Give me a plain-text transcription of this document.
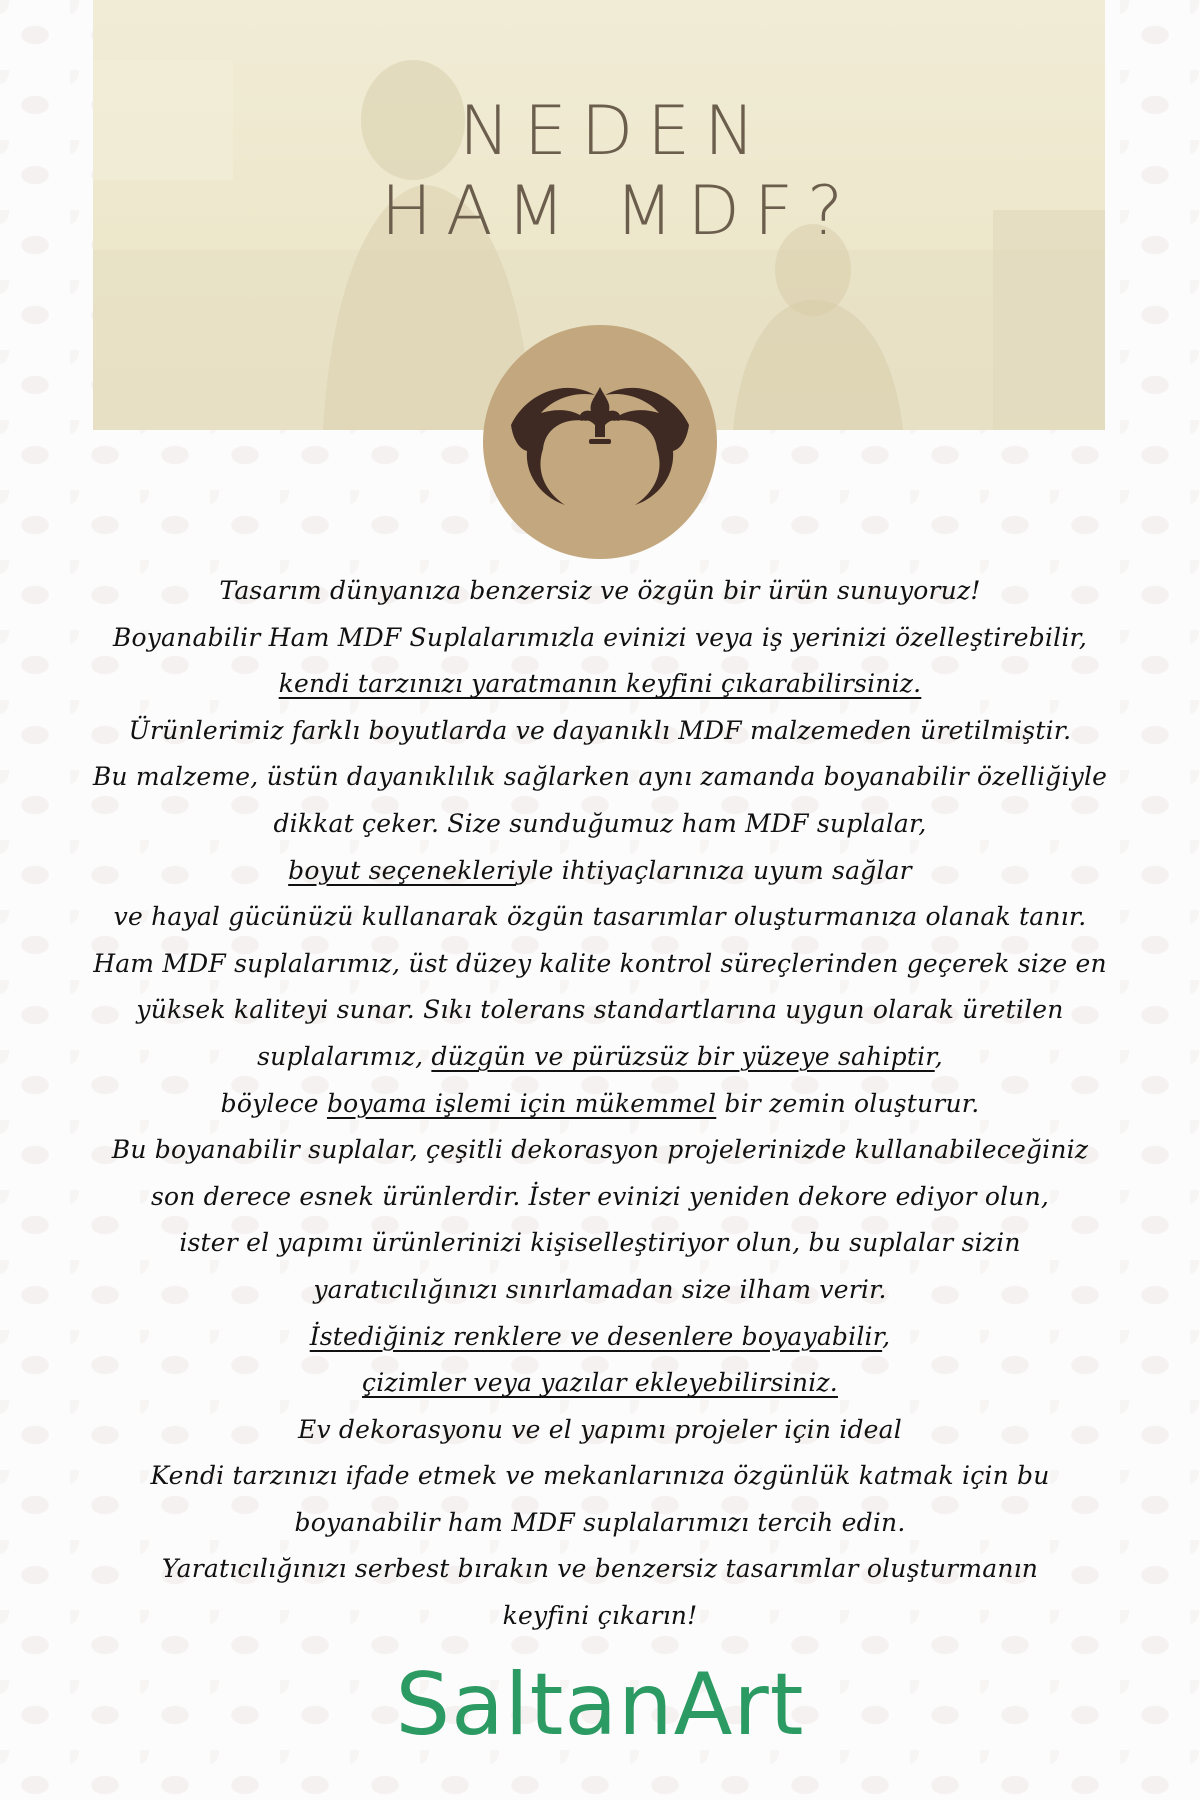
NEDEN
HAM MDF?

Tasarım dünyanıza benzersiz ve özgün bir ürün sunuyoruz!

Boyanabilir Ham MDF Suplalarımızla evinizi veya iş yerinizi özelleştirebilir,

kendi tarzınızı yaratmanın keyfini çıkarabilirsiniz.

Ürünlerimiz farklı boyutlarda ve dayanıklı MDF malzemeden üretilmiştir.

Bu malzeme, üstün dayanıklılık sağlarken aynı zamanda boyanabilir özelliğiyle

dikkat çeker. Size sunduğumuz ham MDF suplalar,

boyut seçenekleriyle ihtiyaçlarınıza uyum sağlar

ve hayal gücünüzü kullanarak özgün tasarımlar oluşturmanıza olanak tanır.

Ham MDF suplalarımız, üst düzey kalite kontrol süreçlerinden geçerek size en

yüksek kaliteyi sunar. Sıkı tolerans standartlarına uygun olarak üretilen

suplalarımız, düzgün ve pürüzsüz bir yüzeye sahiptir,

böylece boyama işlemi için mükemmel bir zemin oluşturur.

Bu boyanabilir suplalar, çeşitli dekorasyon projelerinizde kullanabileceğiniz

son derece esnek ürünlerdir. İster evinizi yeniden dekore ediyor olun,

ister el yapımı ürünlerinizi kişiselleştiriyor olun, bu suplalar sizin

yaratıcılığınızı sınırlamadan size ilham verir.

İstediğiniz renklere ve desenlere boyayabilir,

çizimler veya yazılar ekleyebilirsiniz.

Ev dekorasyonu ve el yapımı projeler için ideal

Kendi tarzınızı ifade etmek ve mekanlarınıza özgünlük katmak için bu

boyanabilir ham MDF suplalarımızı tercih edin.

Yaratıcılığınızı serbest bırakın ve benzersiz tasarımlar oluşturmanın

keyfini çıkarın!

SaltanArt
